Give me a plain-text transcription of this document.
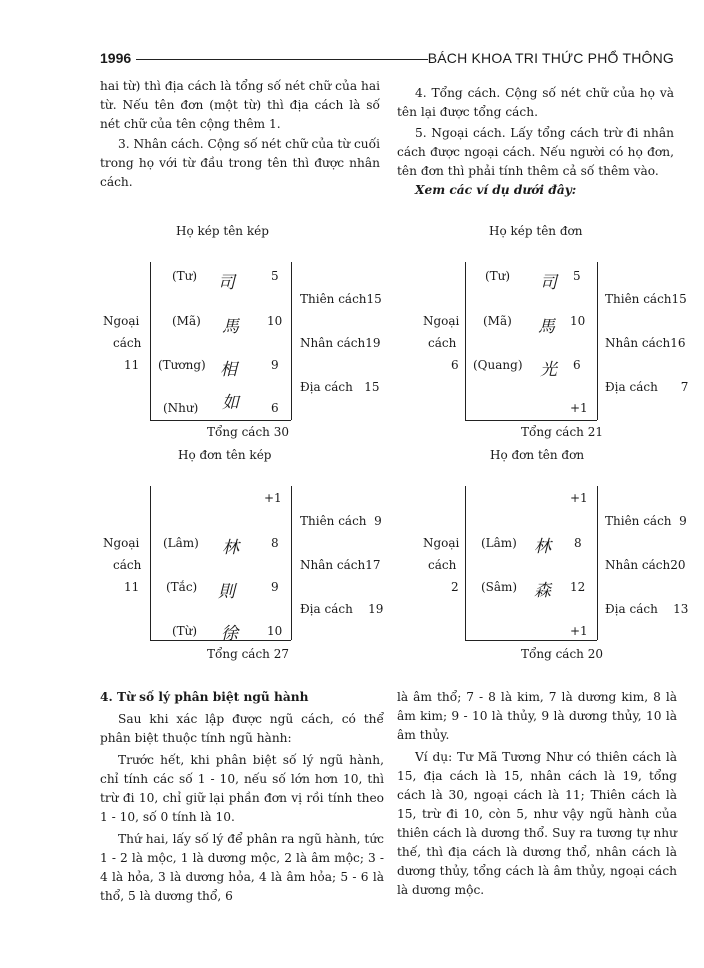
1996	BÁCH KHOA TRI THỨC PHỔ THÔNG

hai từ) thì địa cách là tổng số nét chữ của hai từ. Nếu tên đơn (một từ) thì địa cách là số nét chữ của tên cộng thêm 1.

3. Nhân cách. Cộng số nét chữ của từ cuối trong họ với từ đầu trong tên thì được nhân cách.

4. Tổng cách. Cộng số nét chữ của họ và tên lại được tổng cách.

5. Ngoại cách. Lấy tổng cách trừ đi nhân cách được ngoại cách. Nếu người có họ đơn, tên đơn thì phải tính thêm cả số thêm vào.

Xem các ví dụ dưới đây:

Họ kép tên kép
Ngoại
cách
11
(Tư) 司	5
(Mã) 馬 10
(Tương) 相	9
(Như) 如	6
Thiên cách15
Nhân cách19
Địa cách   15
Tổng cách 30
Họ kép tên đơn
Ngoại
cách
6
(Tư) 司 5
(Mã) 馬 10
(Quang) 光 6
+1
Thiên cách15
Nhân cách16
Địa cách      7
Tổng cách 21
Họ đơn tên kép
Ngoại
cách
11
+1
(Lâm) 林	8
(Tắc) 則	9
(Từ) 徐 10
Thiên cách  9
Nhân cách17
Địa cách    19
Tổng cách 27
Họ đơn tên đơn
Ngoại
cách
2
+1
(Lâm) 林 8
(Sâm) 森 12
+1
Thiên cách  9
Nhân cách20
Địa cách    13
Tổng cách 20

4. Từ số lý phân biệt ngũ hành

Sau khi xác lập được ngũ cách, có thể phân biệt thuộc tính ngũ hành:

Trước hết, khi phân biệt số lý ngũ hành, chỉ tính các số 1 - 10, nếu số lớn hơn 10, thì trừ đi 10, chỉ giữ lại phần đơn vị rồi tính theo 1 - 10, số 0 tính là 10.

Thứ hai, lấy số lý để phân ra ngũ hành, tức 1 - 2 là mộc, 1 là dương mộc, 2 là âm mộc; 3 - 4 là hỏa, 3 là dương hỏa, 4 là âm hỏa; 5 - 6 là thổ, 5 là dương thổ, 6

là âm thổ; 7 - 8 là kim, 7 là dương kim, 8 là âm kim; 9 - 10 là thủy, 9 là dương thủy, 10 là âm thủy.

Ví dụ: Tư Mã Tương Như có thiên cách là 15, địa cách là 15, nhân cách là 19, tổng cách là 30, ngoại cách là 11; Thiên cách là 15, trừ đi 10, còn 5, như vậy ngũ hành của thiên cách là dương thổ. Suy ra tương tự như thế, thì địa cách là dương thổ, nhân cách là dương thủy, tổng cách là âm thủy, ngoại cách là dương mộc.
